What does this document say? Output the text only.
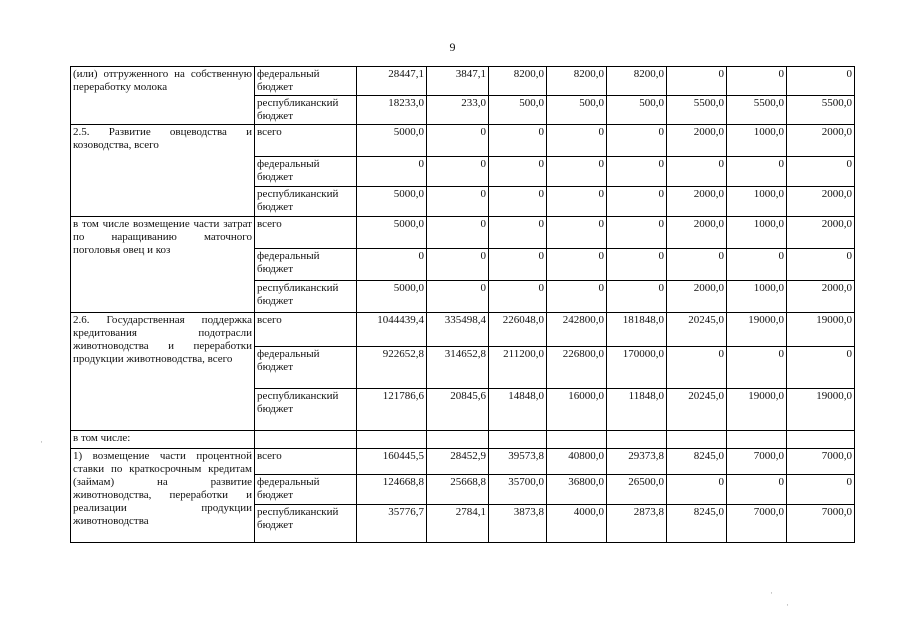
9
(или) отгруженного на собственную переработку молока	федеральный бюджет	28447,1	3847,1	8200,0	8200,0	8200,0	0	0	0
	республиканский бюджет	18233,0	233,0	500,0	500,0	500,0	5500,0	5500,0	5500,0
2.5. Развитие овцеводства и козоводства, всего	всего	5000,0	0	0	0	0	2000,0	1000,0	2000,0
	федеральный бюджет	0	0	0	0	0	0	0	0
	республиканский бюджет	5000,0	0	0	0	0	2000,0	1000,0	2000,0
в том числе возмещение части затрат по наращиванию маточного поголовья овец и коз	всего	5000,0	0	0	0	0	2000,0	1000,0	2000,0
	федеральный бюджет	0	0	0	0	0	0	0	0
	республиканский бюджет	5000,0	0	0	0	0	2000,0	1000,0	2000,0
2.6. Государственная поддержка кредитования подотрасли животноводства и переработки продукции животноводства, всего	всего	1044439,4	335498,4	226048,0	242800,0	181848,0	20245,0	19000,0	19000,0
	федеральный бюджет	922652,8	314652,8	211200,0	226800,0	170000,0	0	0	0
	республиканский бюджет	121786,6	20845,6	14848,0	16000,0	11848,0	20245,0	19000,0	19000,0
в том числе:									
1) возмещение части процентной ставки по краткосрочным кредитам (займам) на развитие животноводства, переработки и реализации продукции животноводства	всего	160445,5	28452,9	39573,8	40800,0	29373,8	8245,0	7000,0	7000,0
	федеральный бюджет	124668,8	25668,8	35700,0	36800,0	26500,0	0	0	0
	республиканский бюджет	35776,7	2784,1	3873,8	4000,0	2873,8	8245,0	7000,0	7000,0
·
·
·
